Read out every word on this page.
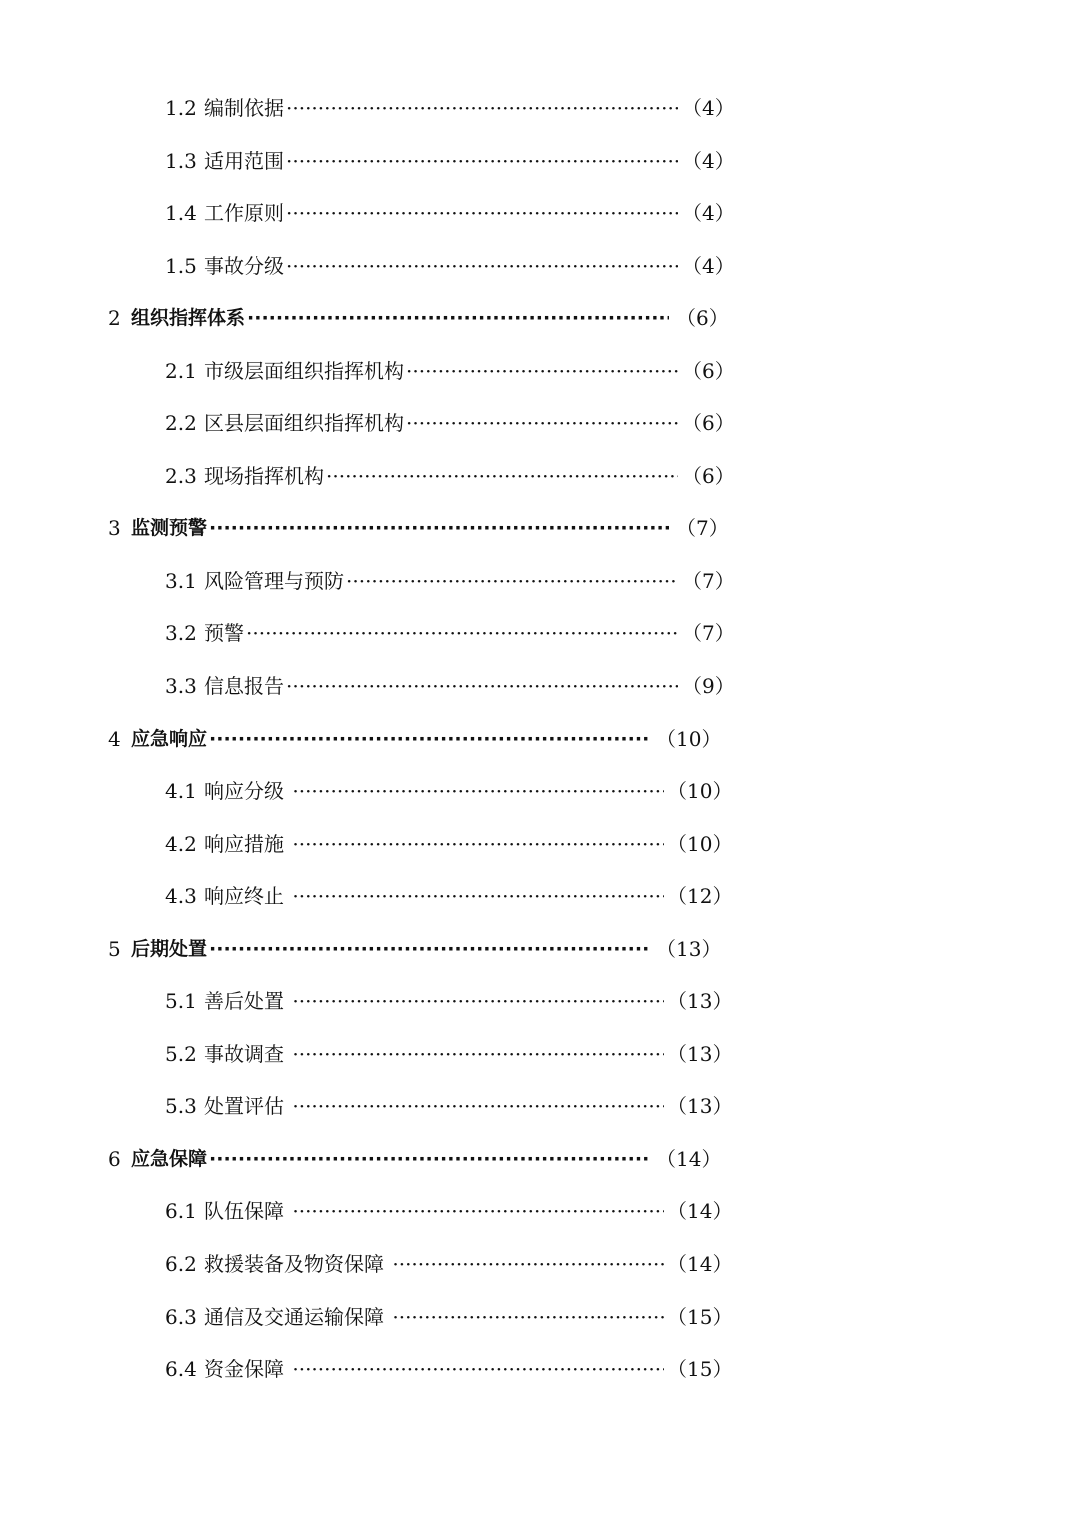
1.2 编制依据 ·····	（4）
1.3 适用范围 ·····	（4）
1.4 工作原则 ·····	（4）
1.5 事故分级 ·····	（4）
2 组织指挥体系 ·····	（6）
2.1 市级层面组织指挥机构 ·····	（6）
2.2 区县层面组织指挥机构 ·····	（6）
2.3 现场指挥机构 ·····	（6）
3 监测预警 ·····	（7）
3.1 风险管理与预防 ·····	（7）
3.2 预警 ·····	（7）
3.3 信息报告 ·····	（9）
4 应急响应 ·····	（10）
4.1 响应分级 ·····	（10）
4.2 响应措施 ·····	（10）
4.3 响应终止 ·····	（12）
5 后期处置 ·····	（13）
5.1 善后处置 ·····	（13）
5.2 事故调查 ·····	（13）
5.3 处置评估 ·····	（13）
6 应急保障 ·····	（14）
6.1 队伍保障 ·····	（14）
6.2 救援装备及物资保障 ·····	（14）
6.3 通信及交通运输保障 ·····	（15）
6.4 资金保障 ·····	（15）
